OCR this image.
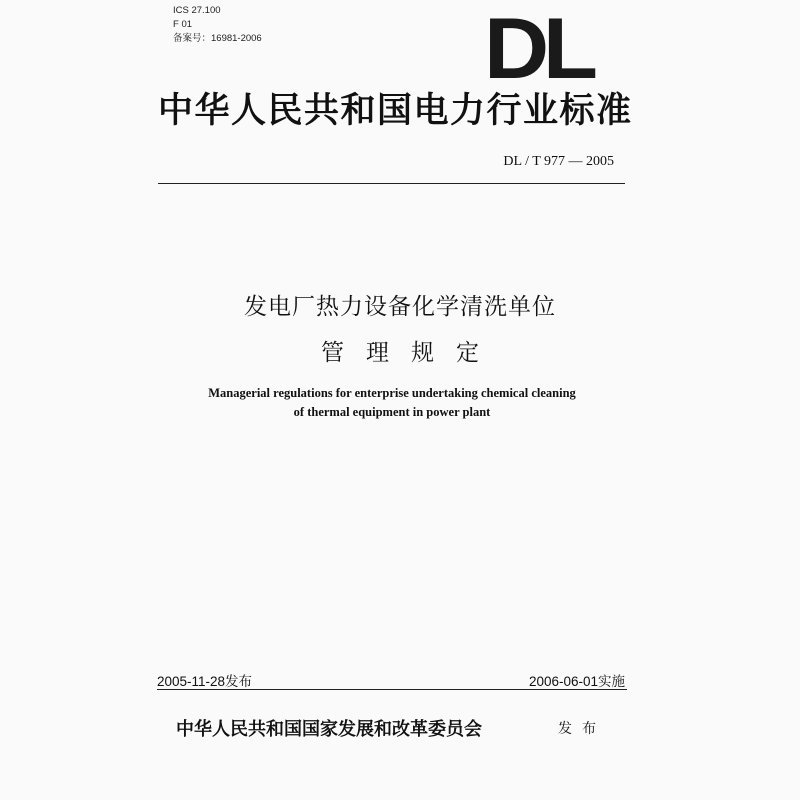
ICS 27.100
F 01
备案号：16981-2006	DL
中华人民共和国电力行业标准
DL / T 977 — 2005
发电厂热力设备化学清洗单位
管理规定
Managerial regulations for enterprise undertaking chemical cleaning
of thermal equipment in power plant
2005-11-28发布	2006-06-01实施
中华人民共和国国家发展和改革委员会	发布
